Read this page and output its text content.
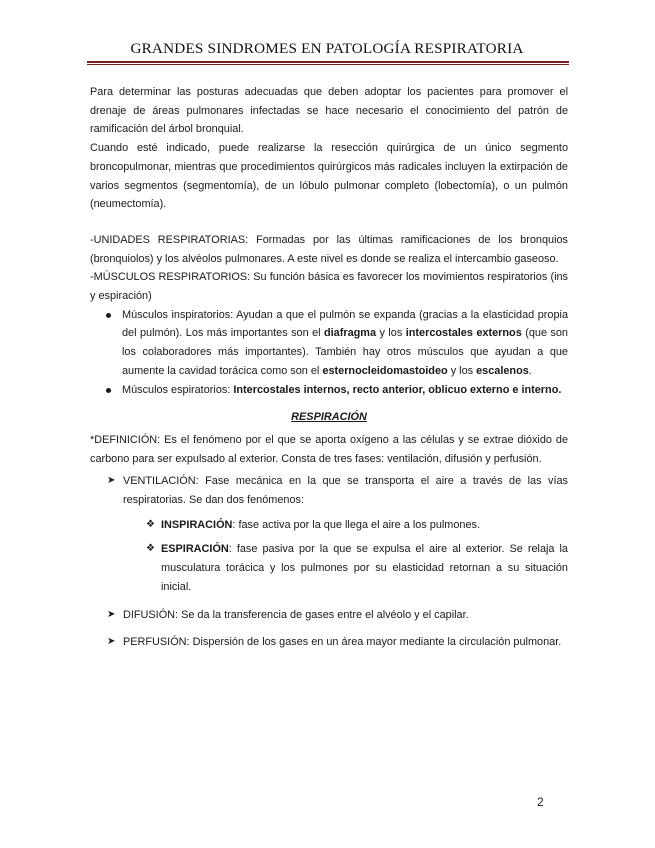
GRANDES SINDROMES EN PATOLOGÍA RESPIRATORIA

Para determinar las posturas adecuadas que deben adoptar los pacientes para promover el drenaje de áreas pulmonares infectadas se hace necesario el conocimiento del patrón de ramificación del árbol bronquial.

Cuando esté indicado, puede realizarse la resección quirúrgica de un único segmento broncopulmonar, mientras que procedimientos quirúrgicos más radicales incluyen la extirpación de varios segmentos (segmentomía), de un lóbulo pulmonar completo (lobectomía), o un pulmón (neumectomía).

-UNIDADES RESPIRATORIAS: Formadas por las últimas ramificaciones de los bronquios (bronquiolos) y los alvéolos pulmonares. A este nivel es donde se realiza el intercambio gaseoso.

-MÚSCULOS RESPIRATORIOS: Su función básica es favorecer los movimientos respiratorios (ins y espiración)

Músculos inspiratorios: Ayudan a que el pulmón se expanda (gracias a la elasticidad propia del pulmón). Los más importantes son el diafragma y los intercostales externos (que son los colaboradores más importantes). También hay otros músculos que ayudan a que aumente la cavidad torácica como son el esternocleidomastoideo y los escalenos.
Músculos espiratorios: Intercostales internos, recto anterior, oblicuo externo e interno.
RESPIRACIÓN

*DEFINICIÓN: Es el fenómeno por el que se aporta oxígeno a las células y se extrae dióxido de carbono para ser expulsado al exterior. Consta de tres fases: ventilación, difusión y perfusión.

➤ VENTILACIÓN: Fase mecánica en la que se transporta el aire a través de las vías respiratorias. Se dan dos fenómenos:
❖ INSPIRACIÓN: fase activa por la que llega el aire a los pulmones.
❖ ESPIRACIÓN: fase pasiva por la que se expulsa el aire al exterior. Se relaja la musculatura torácica y los pulmones por su elasticidad retornan a su situación inicial.
➤ DIFUSIÓN: Se da la transferencia de gases entre el alvéolo y el capilar.
➤ PERFUSIÓN: Dispersión de los gases en un área mayor mediante la circulación pulmonar.
2
